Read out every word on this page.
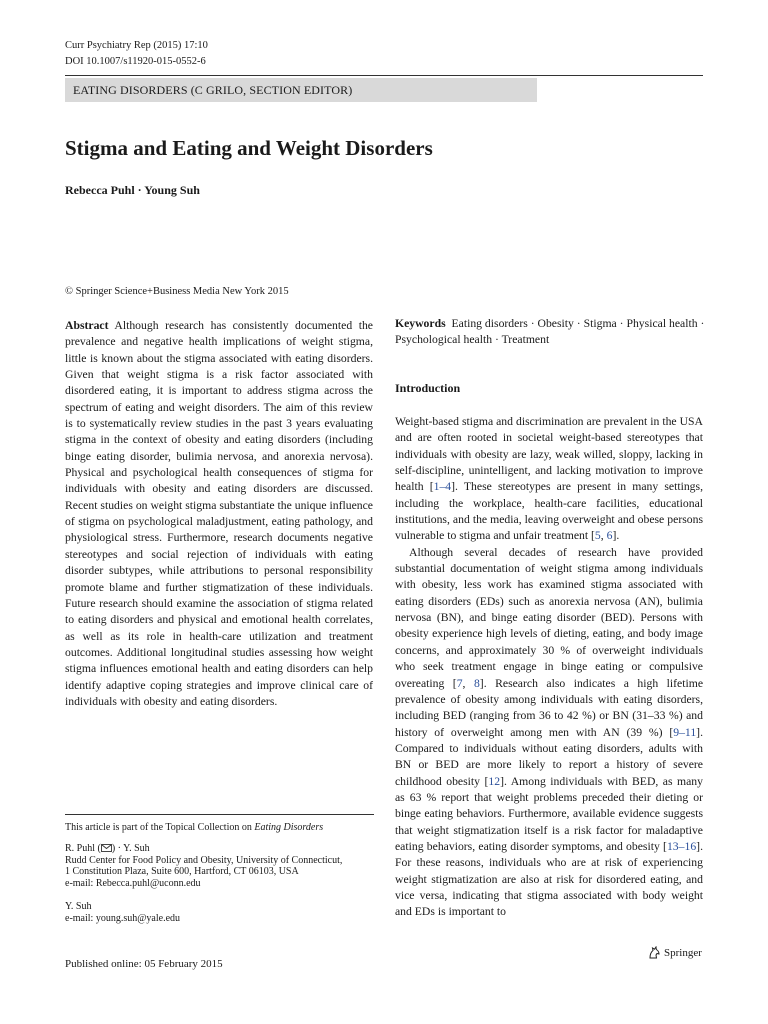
Curr Psychiatry Rep (2015) 17:10
DOI 10.1007/s11920-015-0552-6
EATING DISORDERS (C GRILO, SECTION EDITOR)
Stigma and Eating and Weight Disorders
Rebecca Puhl · Young Suh
© Springer Science+Business Media New York 2015

Abstract Although research has consistently documented the prevalence and negative health implications of weight stigma, little is known about the stigma associated with eating disorders. Given that weight stigma is a risk factor associated with disordered eating, it is important to address stigma across the spectrum of eating and weight disorders. The aim of this review is to systematically review studies in the past 3 years evaluating stigma in the context of obesity and eating disorders (including binge eating disorder, bulimia nervosa, and anorexia nervosa). Physical and psychological health consequences of stigma for individuals with obesity and eating disorders are discussed. Recent studies on weight stigma substantiate the unique influence of stigma on psychological maladjustment, eating pathology, and physiological stress. Furthermore, research documents negative stereotypes and social rejection of individuals with eating disorder subtypes, while attributions to personal responsibility promote blame and further stigmatization of these individuals. Future research should examine the association of stigma related to eating disorders and physical and emotional health correlates, as well as its role in health-care utilization and treatment outcomes. Additional longitudinal studies assessing how weight stigma influences emotional health and eating disorders can help identify adaptive coping strategies and improve clinical care of individuals with obesity and eating disorders.

Keywords Eating disorders · Obesity · Stigma · Physical health · Psychological health · Treatment
Introduction

Weight-based stigma and discrimination are prevalent in the USA and are often rooted in societal weight-based stereotypes that individuals with obesity are lazy, weak willed, sloppy, lacking in self-discipline, unintelligent, and lacking motivation to improve health [1–4]. These stereotypes are present in many settings, including the workplace, health-care facilities, educational institutions, and the media, leaving overweight and obese persons vulnerable to stigma and unfair treatment [5, 6].

Although several decades of research have provided substantial documentation of weight stigma among individuals with obesity, less work has examined stigma associated with eating disorders (EDs) such as anorexia nervosa (AN), bulimia nervosa (BN), and binge eating disorder (BED). Persons with obesity experience high levels of dieting, eating, and body image concerns, and approximately 30 % of overweight individuals who seek treatment engage in binge eating or compulsive overeating [7, 8]. Research also indicates a high lifetime prevalence of obesity among individuals with eating disorders, including BED (ranging from 36 to 42 %) or BN (31–33 %) and history of overweight among men with AN (39 %) [9–11]. Compared to individuals without eating disorders, adults with BN or BED are more likely to report a history of severe childhood obesity [12]. Among individuals with BED, as many as 63 % report that weight problems preceded their dieting or binge eating behaviors. Furthermore, available evidence suggests that weight stigmatization itself is a risk factor for maladaptive eating behaviors, eating disorder symptoms, and obesity [13–16]. For these reasons, individuals who are at risk of experiencing weight stigmatization are also at risk for disordered eating, and vice versa, indicating that stigma associated with body weight and EDs is important to

This article is part of the Topical Collection on Eating Disorders
R. Puhl ( ) · Y. Suh
Rudd Center for Food Policy and Obesity, University of Connecticut,
1 Constitution Plaza, Suite 600, Hartford, CT 06103, USA
e-mail: Rebecca.puhl@uconn.edu
Y. Suh
e-mail: young.suh@yale.edu
Published online: 05 February 2015
Springer
